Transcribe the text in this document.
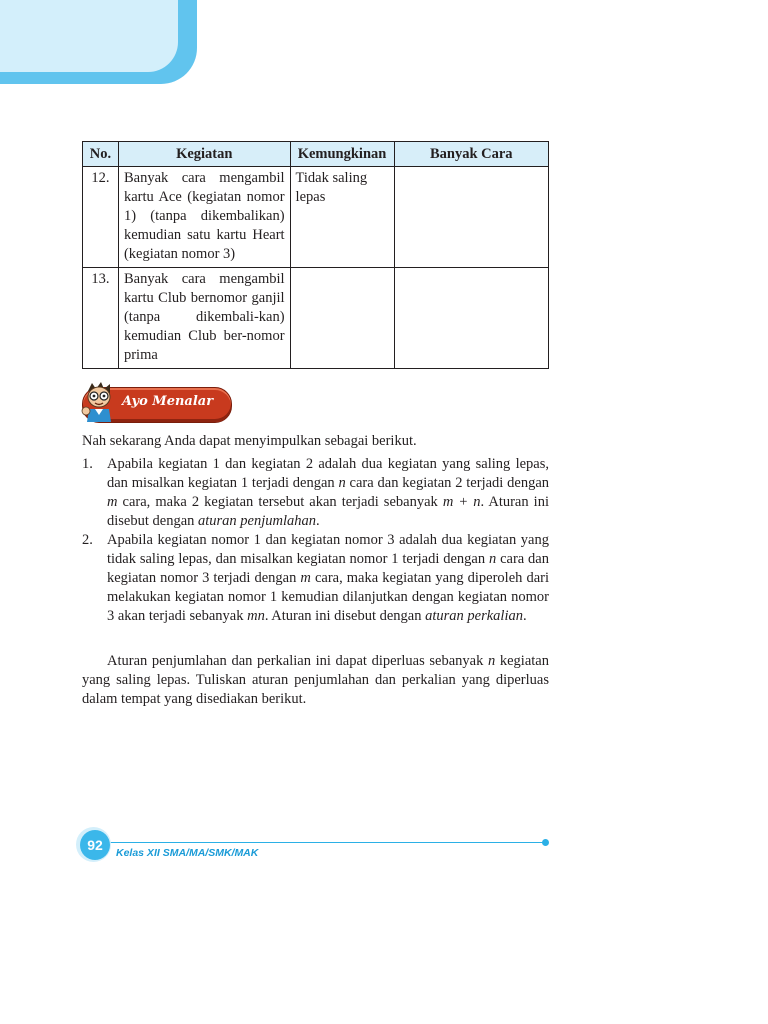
No.	Kegiatan	Kemungkinan	Banyak Cara
12.	Banyak cara mengambil kartu Ace (kegiatan nomor 1) (tanpa dikembalikan) kemudian satu kartu Heart (kegiatan nomor 3)	Tidak saling lepas	
13.	Banyak cara mengambil kartu Club bernomor ganjil (tanpa dikembali-kan) kemudian Club ber-nomor prima		
Ayo Menalar
Nah sekarang Anda dapat menyimpulkan sebagai berikut.
1. Apabila kegiatan 1 dan kegiatan 2 adalah dua kegiatan yang saling lepas, dan misalkan kegiatan 1 terjadi dengan n cara dan kegiatan 2 terjadi dengan m cara, maka 2 kegiatan tersebut akan terjadi sebanyak m + n. Aturan ini disebut dengan aturan penjumlahan.
2. Apabila kegiatan nomor 1 dan kegiatan nomor 3 adalah dua kegiatan yang tidak saling lepas, dan misalkan kegiatan nomor 1 terjadi dengan n cara dan kegiatan nomor 3 terjadi dengan m cara, maka kegiatan yang diperoleh dari melakukan kegiatan nomor 1 kemudian dilanjutkan dengan kegiatan nomor 3 akan terjadi sebanyak mn. Aturan ini disebut dengan aturan perkalian.
Aturan penjumlahan dan perkalian ini dapat diperluas sebanyak n kegiatan yang saling lepas. Tuliskan aturan penjumlahan dan perkalian yang diperluas dalam tempat yang disediakan berikut.
92	Kelas XII SMA/MA/SMK/MAK
